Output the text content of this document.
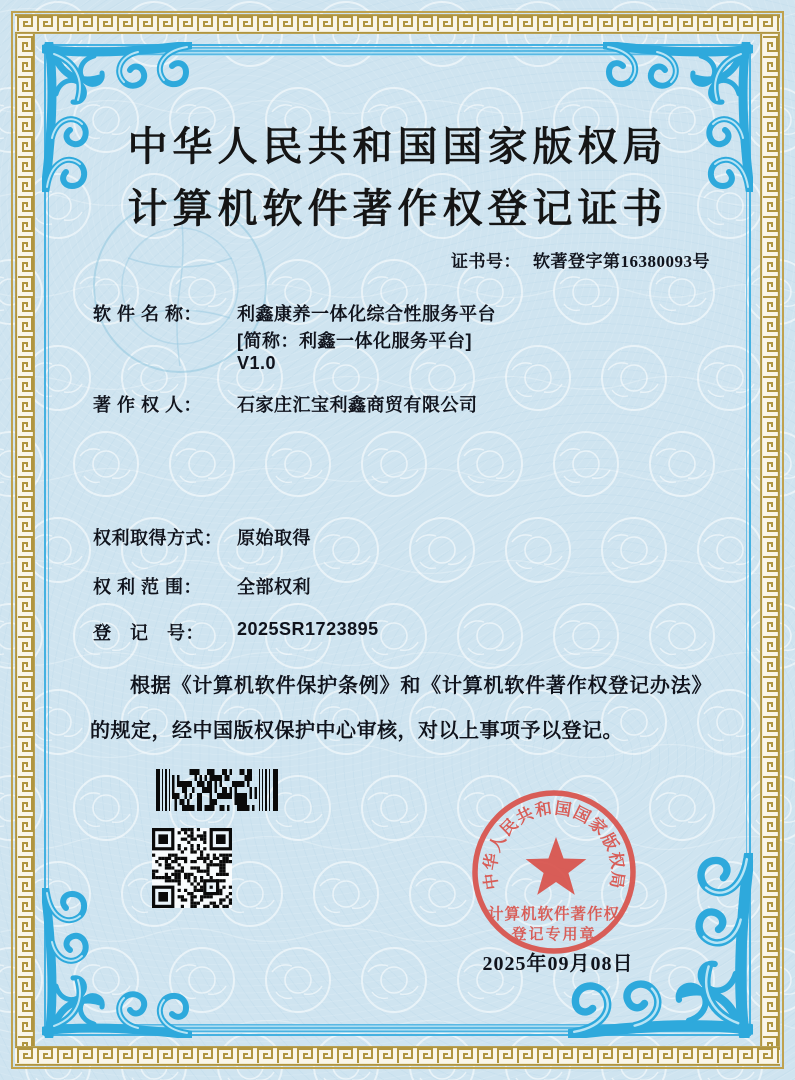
中华人民共和国国家版权局
计算机软件著作权登记证书
证书号： 软著登字第16380093号
软 件 名 称： 利鑫康养一体化综合性服务平台
[简称：利鑫一体化服务平台]
V1.0
著 作 权 人： 石家庄汇宝利鑫商贸有限公司
权利取得方式： 原始取得
权 利 范 围： 全部权利
登　记　号： 2025SR1723895

根据《计算机软件保护条例》和《计算机软件著作权登记办法》的规定，经中国版权保护中心审核，对以上事项予以登记。

中华人民共和国国家版权局
计算机软件著作权
登记专用章
2025年09月08日
